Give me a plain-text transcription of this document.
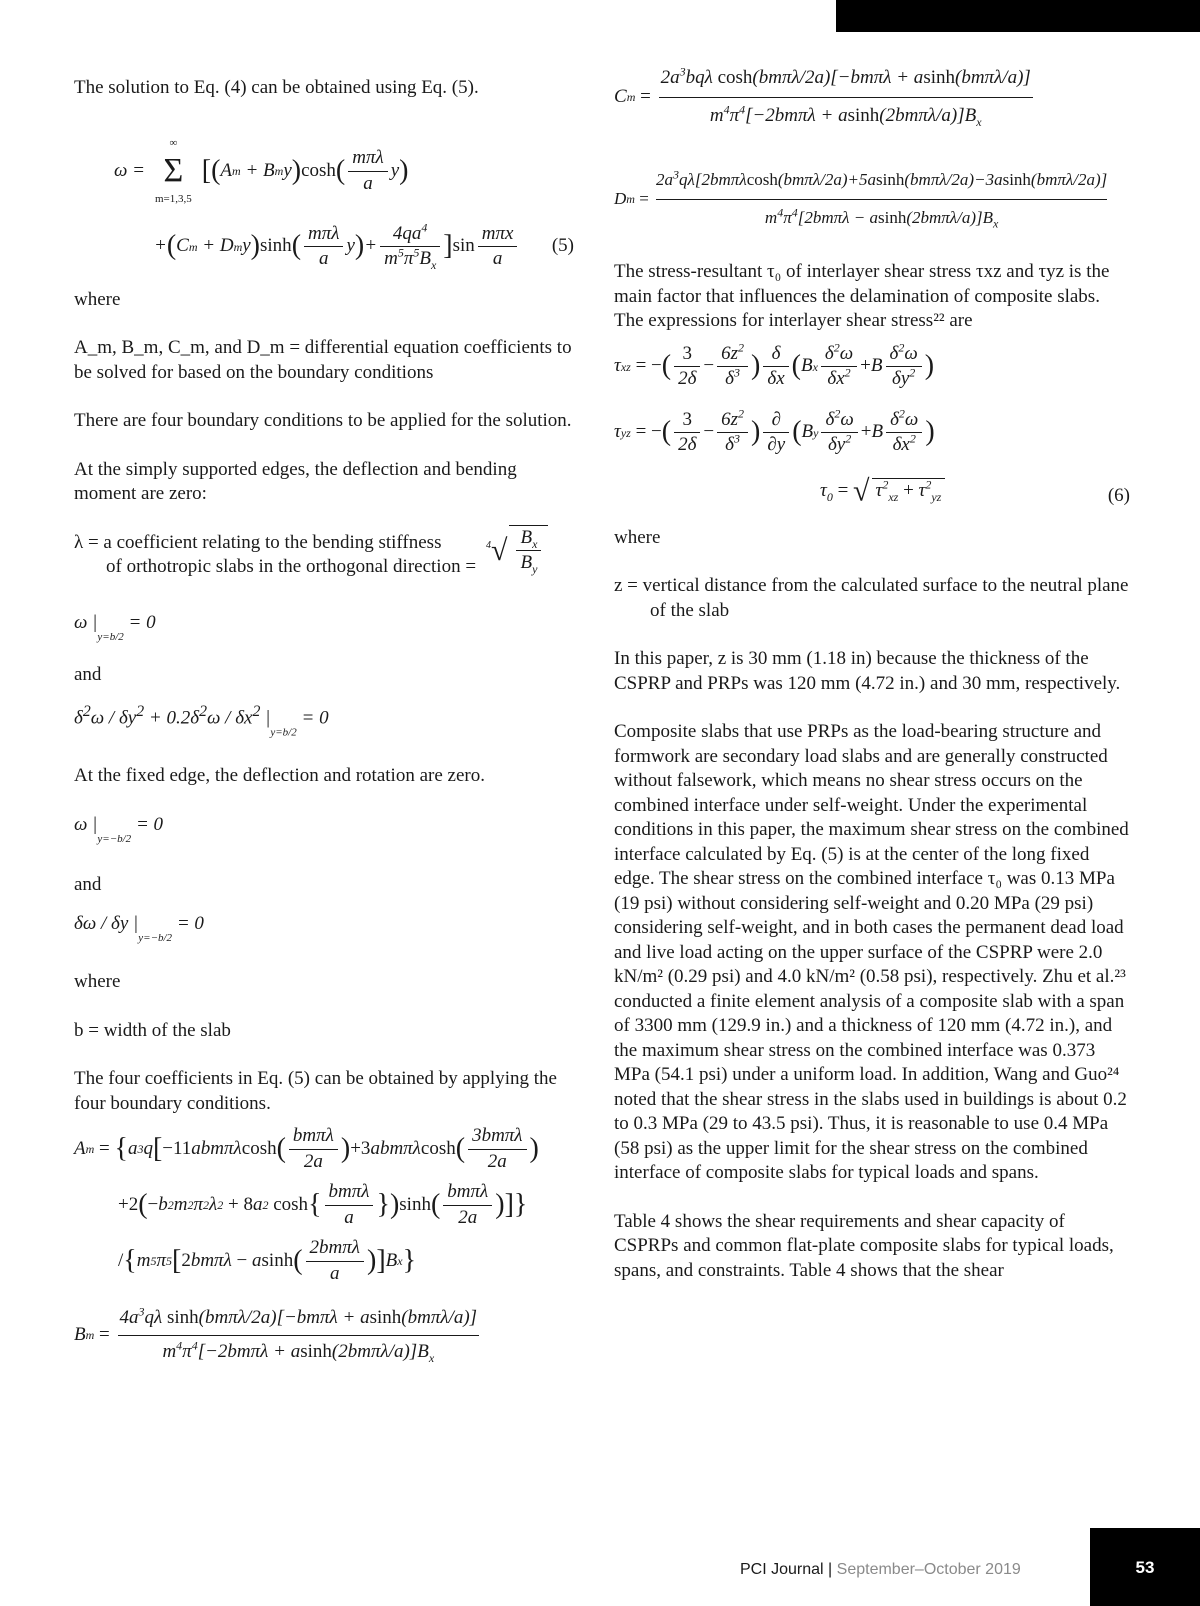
The solution to Eq. (4) can be obtained using Eq. (5).

ω =
∞
Σ
m=1,3,5
[ ( A m + B m y ) cosh ( $\frac{\text{mπλ}}{a}$ y )
+ ( C m + D m y ) sinh ( $\frac{\text{mπλ}}{a}$ y ) + $\frac{4qa^4}{m^5\pi^5B_x}$ ] $\sin \frac{\text{mπx}}{a} (5)$

where

A_m, B_m, C_m, and D_m = differential equation coefficients to be solved for based on the boundary conditions

There are four boundary conditions to be applied for the solution.

At the simply supported edges, the deflection and bending moment are zero:

λ = a coefficient relating to the bending stiffness

of orthotropic slabs in the orthogonal direction =

$^4√ \frac{B_x}{B_y}$

ω $|_{y=b/2} = 0$

and

$\delta^2\omega / \delta y^2 + 0.2\delta^2\omega / \delta x^2$ $|_{y=b/2} = 0$

At the fixed edge, the deflection and rotation are zero.

ω $|_{y=-b/2} = 0$

and

δω / δy $|_{y=-b/2} = 0$

where

b = width of the slab

The four coefficients in Eq. (5) can be obtained by applying the four boundary conditions.

A m = { a 3 q [ −11 abmπλ cosh ( $\frac{\text{bmπλ}}{2a}$ ) +3 abmπλ cosh ( $\frac{\text{3bmπλ}}{2a}$ )
+2 ( − b 2 m 2 π 2 λ 2 + 8 a 2
cosh { $\frac{\text{bmπλ}}{a}$ } ) sinh ( $\frac{\text{bmπλ}}{2a}$ ) ] }
/ { m 5 π 5 [ 2 bmπλ − a sinh ( $\frac{\text{2bmπλ}}{a}$ ) ] B x }
B $m = \frac{4a^3q\lambda \sinh(bm\pi\lambda/2a)[-bm\pi\lambda + asinh(bm\pi\lambda/a)]}{m^4\pi^4[-2bm\pi\lambda + asinh(2bm\pi\lambda/a)]B_x}$
C $m = \frac{2a^3bq\lambda \cosh(bm\pi\lambda/2a)[-bm\pi\lambda + asinh(bm\pi\lambda/a)]}{m^4\pi^4[-2bm\pi\lambda + asinh(2bm\pi\lambda/a)]B_x}$
D $m = \frac{2a^3q\lambda[2bm\pi\lambda\cosh(bm\pi\lambda/2a)+5asinh(bm\pi\lambda/2a)-3asinh(bm\pi\lambda/2a)]}{m^4\pi^4[2bm\pi\lambda - asinh(2bm\pi\lambda/a)]B_x}$

The stress-resultant τ₀ of interlayer shear stress τxz and τyz is the main factor that influences the delamination of composite slabs. The expressions for interlayer shear stress²² are

τ xz = − ( $\frac{3}{2\delta} - \frac{6z^2}{\delta^3}$ ) $\frac{\delta}{\delta x}$ ( B x $\frac{\delta^2\omega}{\delta x^2} + B \frac{\delta^2\omega}{\delta y^2}$ )
τ yz = − ( $\frac{3}{2\delta} - \frac{6z^2}{\delta^3}$ ) $\frac{\partial}{\partial y}$ ( B y $\frac{\delta^2\omega}{\delta y^2} + B \frac{\delta^2\omega}{\delta x^2}$ )
$\tau_0$ = √ $\tau^2_{xz} + \tau^2_{yz}$	(6)

where

z = vertical distance from the calculated surface to the neutral plane of the slab

In this paper, z is 30 mm (1.18 in) because the thickness of the CSPRP and PRPs was 120 mm (4.72 in.) and 30 mm, respectively.

Composite slabs that use PRPs as the load-bearing structure and formwork are secondary load slabs and are generally constructed without falsework, which means no shear stress occurs on the combined interface under self-weight. Under the experimental conditions in this paper, the maximum shear stress on the combined interface calculated by Eq. (5) is at the center of the long fixed edge. The shear stress on the combined interface τ₀ was 0.13 MPa (19 psi) without considering self-weight and 0.20 MPa (29 psi) considering self-weight, and in both cases the permanent dead load and live load acting on the upper surface of the CSPRP were 2.0 kN/m² (0.29 psi) and 4.0 kN/m² (0.58 psi), respectively. Zhu et al.²³ conducted a finite element analysis of a composite slab with a span of 3300 mm (129.9 in.) and a thickness of 120 mm (4.72 in.), and the maximum shear stress on the combined interface was 0.373 MPa (54.1 psi) under a uniform load. In addition, Wang and Guo²⁴ noted that the shear stress in the slabs used in buildings is about 0.2 to 0.3 MPa (29 to 43.5 psi). Thus, it is reasonable to use 0.4 MPa (58 psi) as the upper limit for the shear stress on the combined interface of composite slabs for typical loads and spans.

Table 4 shows the shear requirements and shear capacity of CSPRPs and common flat-plate composite slabs for typical loads, spans, and constraints. Table 4 shows that the shear

PCI Journal | September–October 2019	53
